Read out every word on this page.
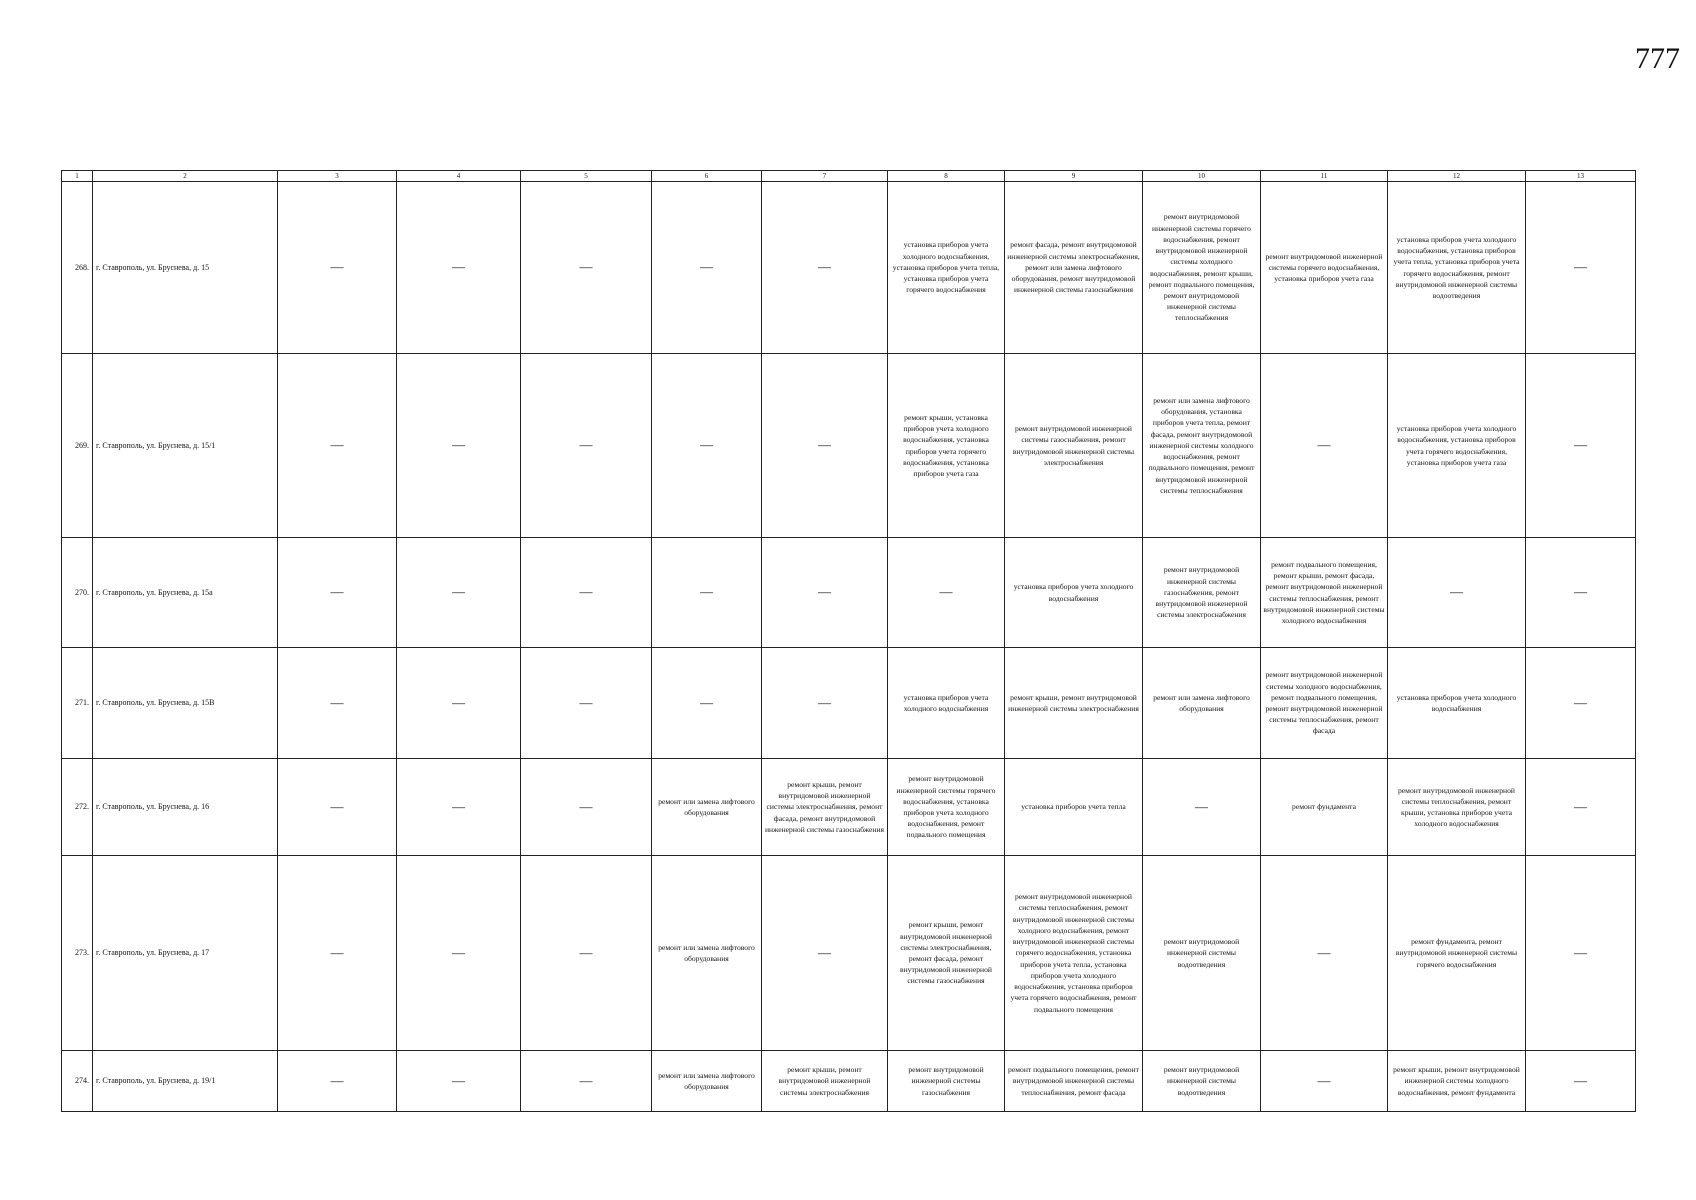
777
1	2	3	4	5	6	7	8	9	10	11	12	13
268.	г. Ставрополь, ул. Бруснева, д. 15	—	—	—	—	—	установка приборов учета холодного водоснабжения, установка приборов учета тепла, установка приборов учета горячего водоснабжения	ремонт фасада, ремонт внутридомовой инженерной системы электроснабжения, ремонт или замена лифтового оборудования, ремонт внутридомовой инженерной системы газоснабжения	ремонт внутридомовой инженерной системы горячего водоснабжения, ремонт внутридомовой инженерной системы холодного водоснабжения, ремонт крыши, ремонт подвального помещения, ремонт внутридомовой инженерной системы теплоснабжения	ремонт внутридомовой инженерной системы горячего водоснабжения, установка приборов учета газа	установка приборов учета холодного водоснабжения, установка приборов учета тепла, установка приборов учета горячего водоснабжения, ремонт внутридомовой инженерной системы водоотведения	—
269.	г. Ставрополь, ул. Бруснева, д. 15/1	—	—	—	—	—	ремонт крыши, установка приборов учета холодного водоснабжения, установка приборов учета горячего водоснабжения, установка приборов учета газа	ремонт внутридомовой инженерной системы газоснабжения, ремонт внутридомовой инженерной системы электроснабжения	ремонт или замена лифтового оборудования, установка приборов учета тепла, ремонт фасада, ремонт внутридомовой инженерной системы холодного водоснабжения, ремонт подвального помещения, ремонт внутридомовой инженерной системы теплоснабжения	—	установка приборов учета холодного водоснабжения, установка приборов учета горячего водоснабжения, установка приборов учета газа	—
270.	г. Ставрополь, ул. Бруснева, д. 15а	—	—	—	—	—	—	установка приборов учета холодного водоснабжения	ремонт внутридомовой инженерной системы газоснабжения, ремонт внутридомовой инженерной системы электроснабжения	ремонт подвального помещения, ремонт крыши, ремонт фасада, ремонт внутридомовой инженерной системы теплоснабжения, ремонт внутридомовой инженерной системы холодного водоснабжения	—	—
271.	г. Ставрополь, ул. Бруснева, д. 15В	—	—	—	—	—	установка приборов учета холодного водоснабжения	ремонт крыши, ремонт внутридомовой инженерной системы электроснабжения	ремонт или замена лифтового оборудования	ремонт внутридомовой инженерной системы холодного водоснабжения, ремонт подвального помещения, ремонт внутридомовой инженерной системы теплоснабжения, ремонт фасада	установка приборов учета холодного водоснабжения	—
272.	г. Ставрополь, ул. Бруснева, д. 16	—	—	—	ремонт или замена лифтового оборудования	ремонт крыши, ремонт внутридомовой инженерной системы электроснабжения, ремонт фасада, ремонт внутридомовой инженерной системы газоснабжения	ремонт внутридомовой инженерной системы горячего водоснабжения, установка приборов учета холодного водоснабжения, ремонт подвального помещения	установка приборов учета тепла	—	ремонт фундамента	ремонт внутридомовой инженерной системы теплоснабжения, ремонт крыши, установка приборов учета холодного водоснабжения	—
273.	г. Ставрополь, ул. Бруснева, д. 17	—	—	—	ремонт или замена лифтового оборудования	—	ремонт крыши, ремонт внутридомовой инженерной системы электроснабжения, ремонт фасада, ремонт внутридомовой инженерной системы газоснабжения	ремонт внутридомовой инженерной системы теплоснабжения, ремонт внутридомовой инженерной системы холодного водоснабжения, ремонт внутридомовой инженерной системы горячего водоснабжения, установка приборов учета тепла, установка приборов учета холодного водоснабжения, установка приборов учета горячего водоснабжения, ремонт подвального помещения	ремонт внутридомовой инженерной системы водоотведения	—	ремонт фундамента, ремонт внутридомовой инженерной системы горячего водоснабжения	—
274.	г. Ставрополь, ул. Бруснева, д. 19/1	—	—	—	ремонт или замена лифтового оборудования	ремонт крыши, ремонт внутридомовой инженерной системы электроснабжения	ремонт внутридомовой инженерной системы газоснабжения	ремонт подвального помещения, ремонт внутридомовой инженерной системы теплоснабжения, ремонт фасада	ремонт внутридомовой инженерной системы водоотведения	—	ремонт крыши, ремонт внутридомовой инженерной системы холодного водоснабжения, ремонт фундамента	—
